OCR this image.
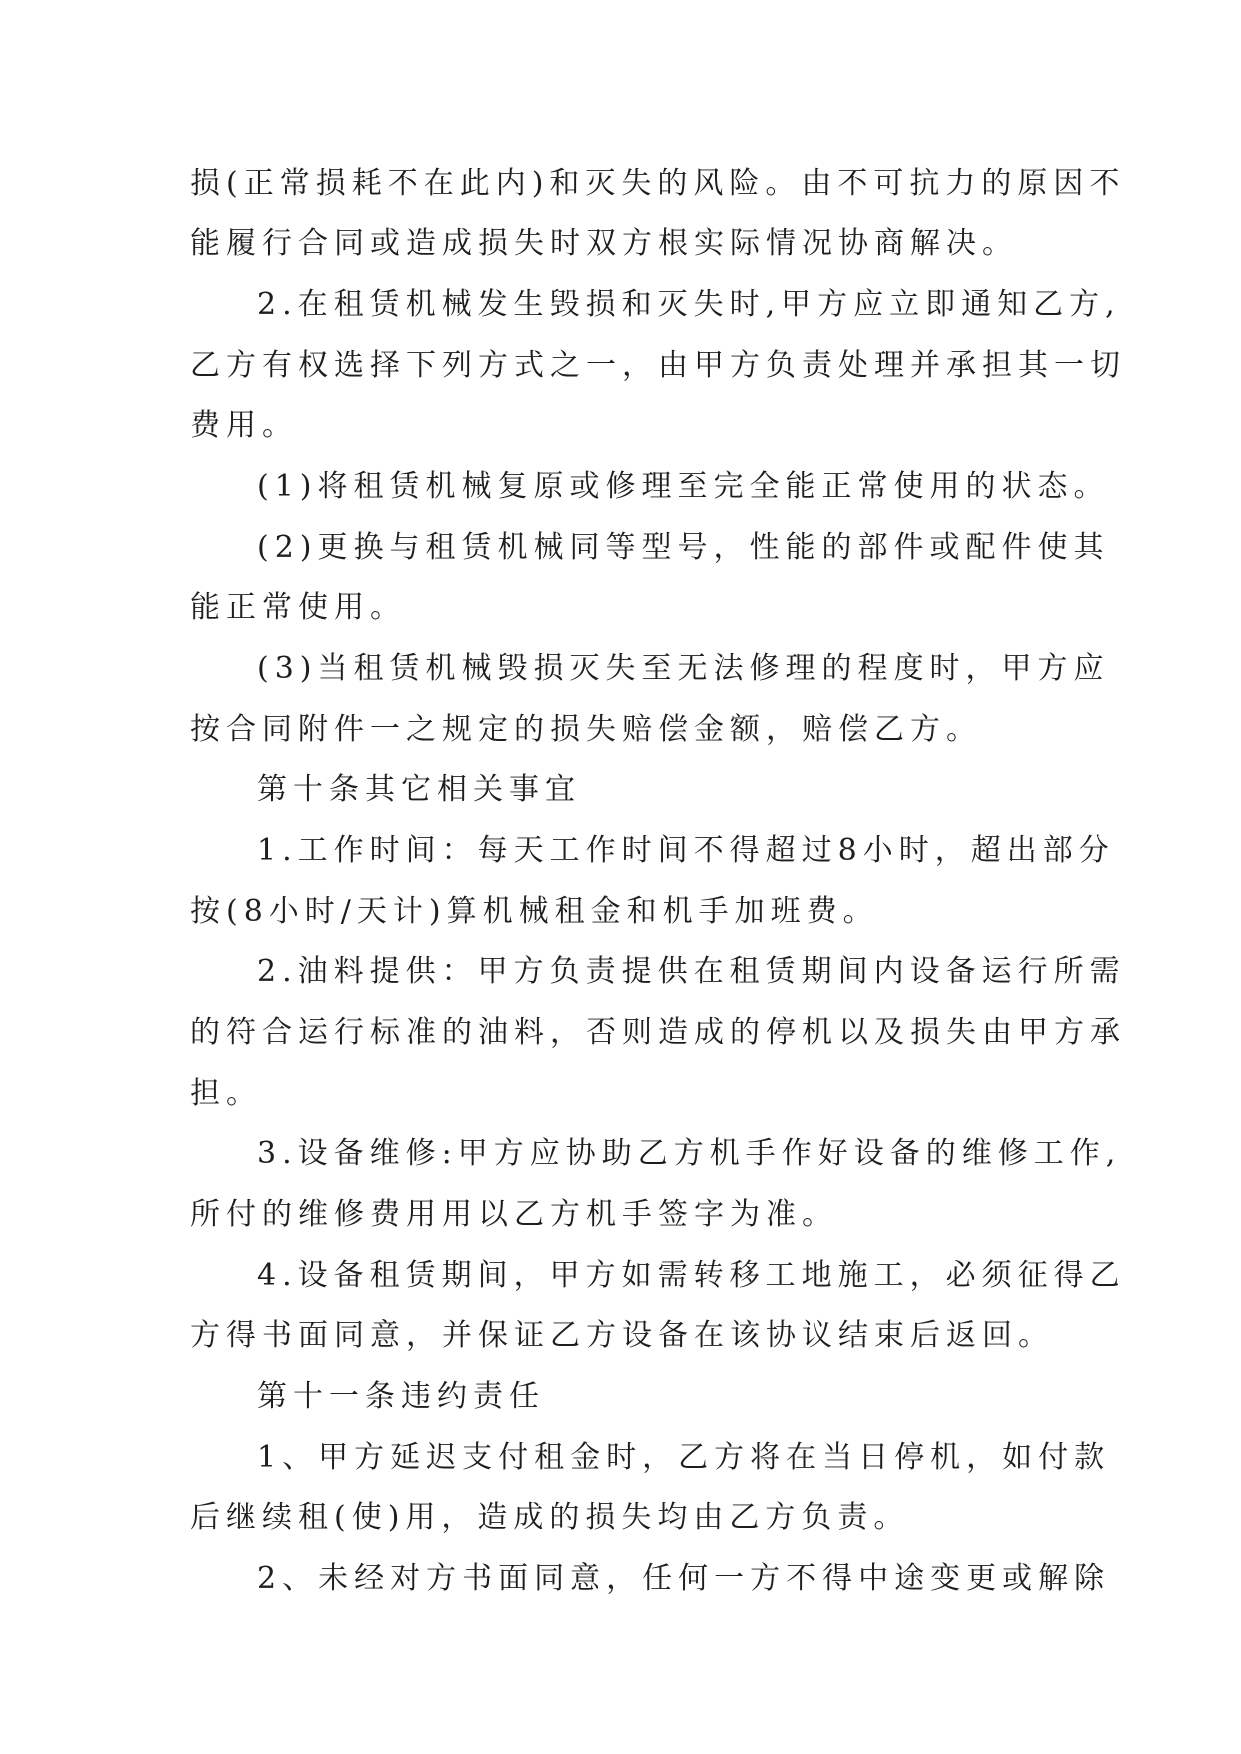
损(正常损耗不在此内)和灭失的风险。由不可抗力的原因不
能履行合同或造成损失时双方根实际情况协商解决。
2.在租赁机械发生毁损和灭失时,甲方应立即通知乙方,
乙方有权选择下列方式之一，由甲方负责处理并承担其一切
费用。
(1)将租赁机械复原或修理至完全能正常使用的状态。
(2)更换与租赁机械同等型号，性能的部件或配件使其
能正常使用。
(3)当租赁机械毁损灭失至无法修理的程度时，甲方应
按合同附件一之规定的损失赔偿金额，赔偿乙方。
第十条其它相关事宜
1.工作时间：每天工作时间不得超过8小时，超出部分
按(8小时/天计)算机械租金和机手加班费。
2.油料提供：甲方负责提供在租赁期间内设备运行所需
的符合运行标准的油料，否则造成的停机以及损失由甲方承
担。
3.设备维修:甲方应协助乙方机手作好设备的维修工作,
所付的维修费用用以乙方机手签字为准。
4.设备租赁期间，甲方如需转移工地施工，必须征得乙
方得书面同意，并保证乙方设备在该协议结束后返回。
第十一条违约责任
1、甲方延迟支付租金时，乙方将在当日停机，如付款
后继续租(使)用，造成的损失均由乙方负责。
2、未经对方书面同意，任何一方不得中途变更或解除
